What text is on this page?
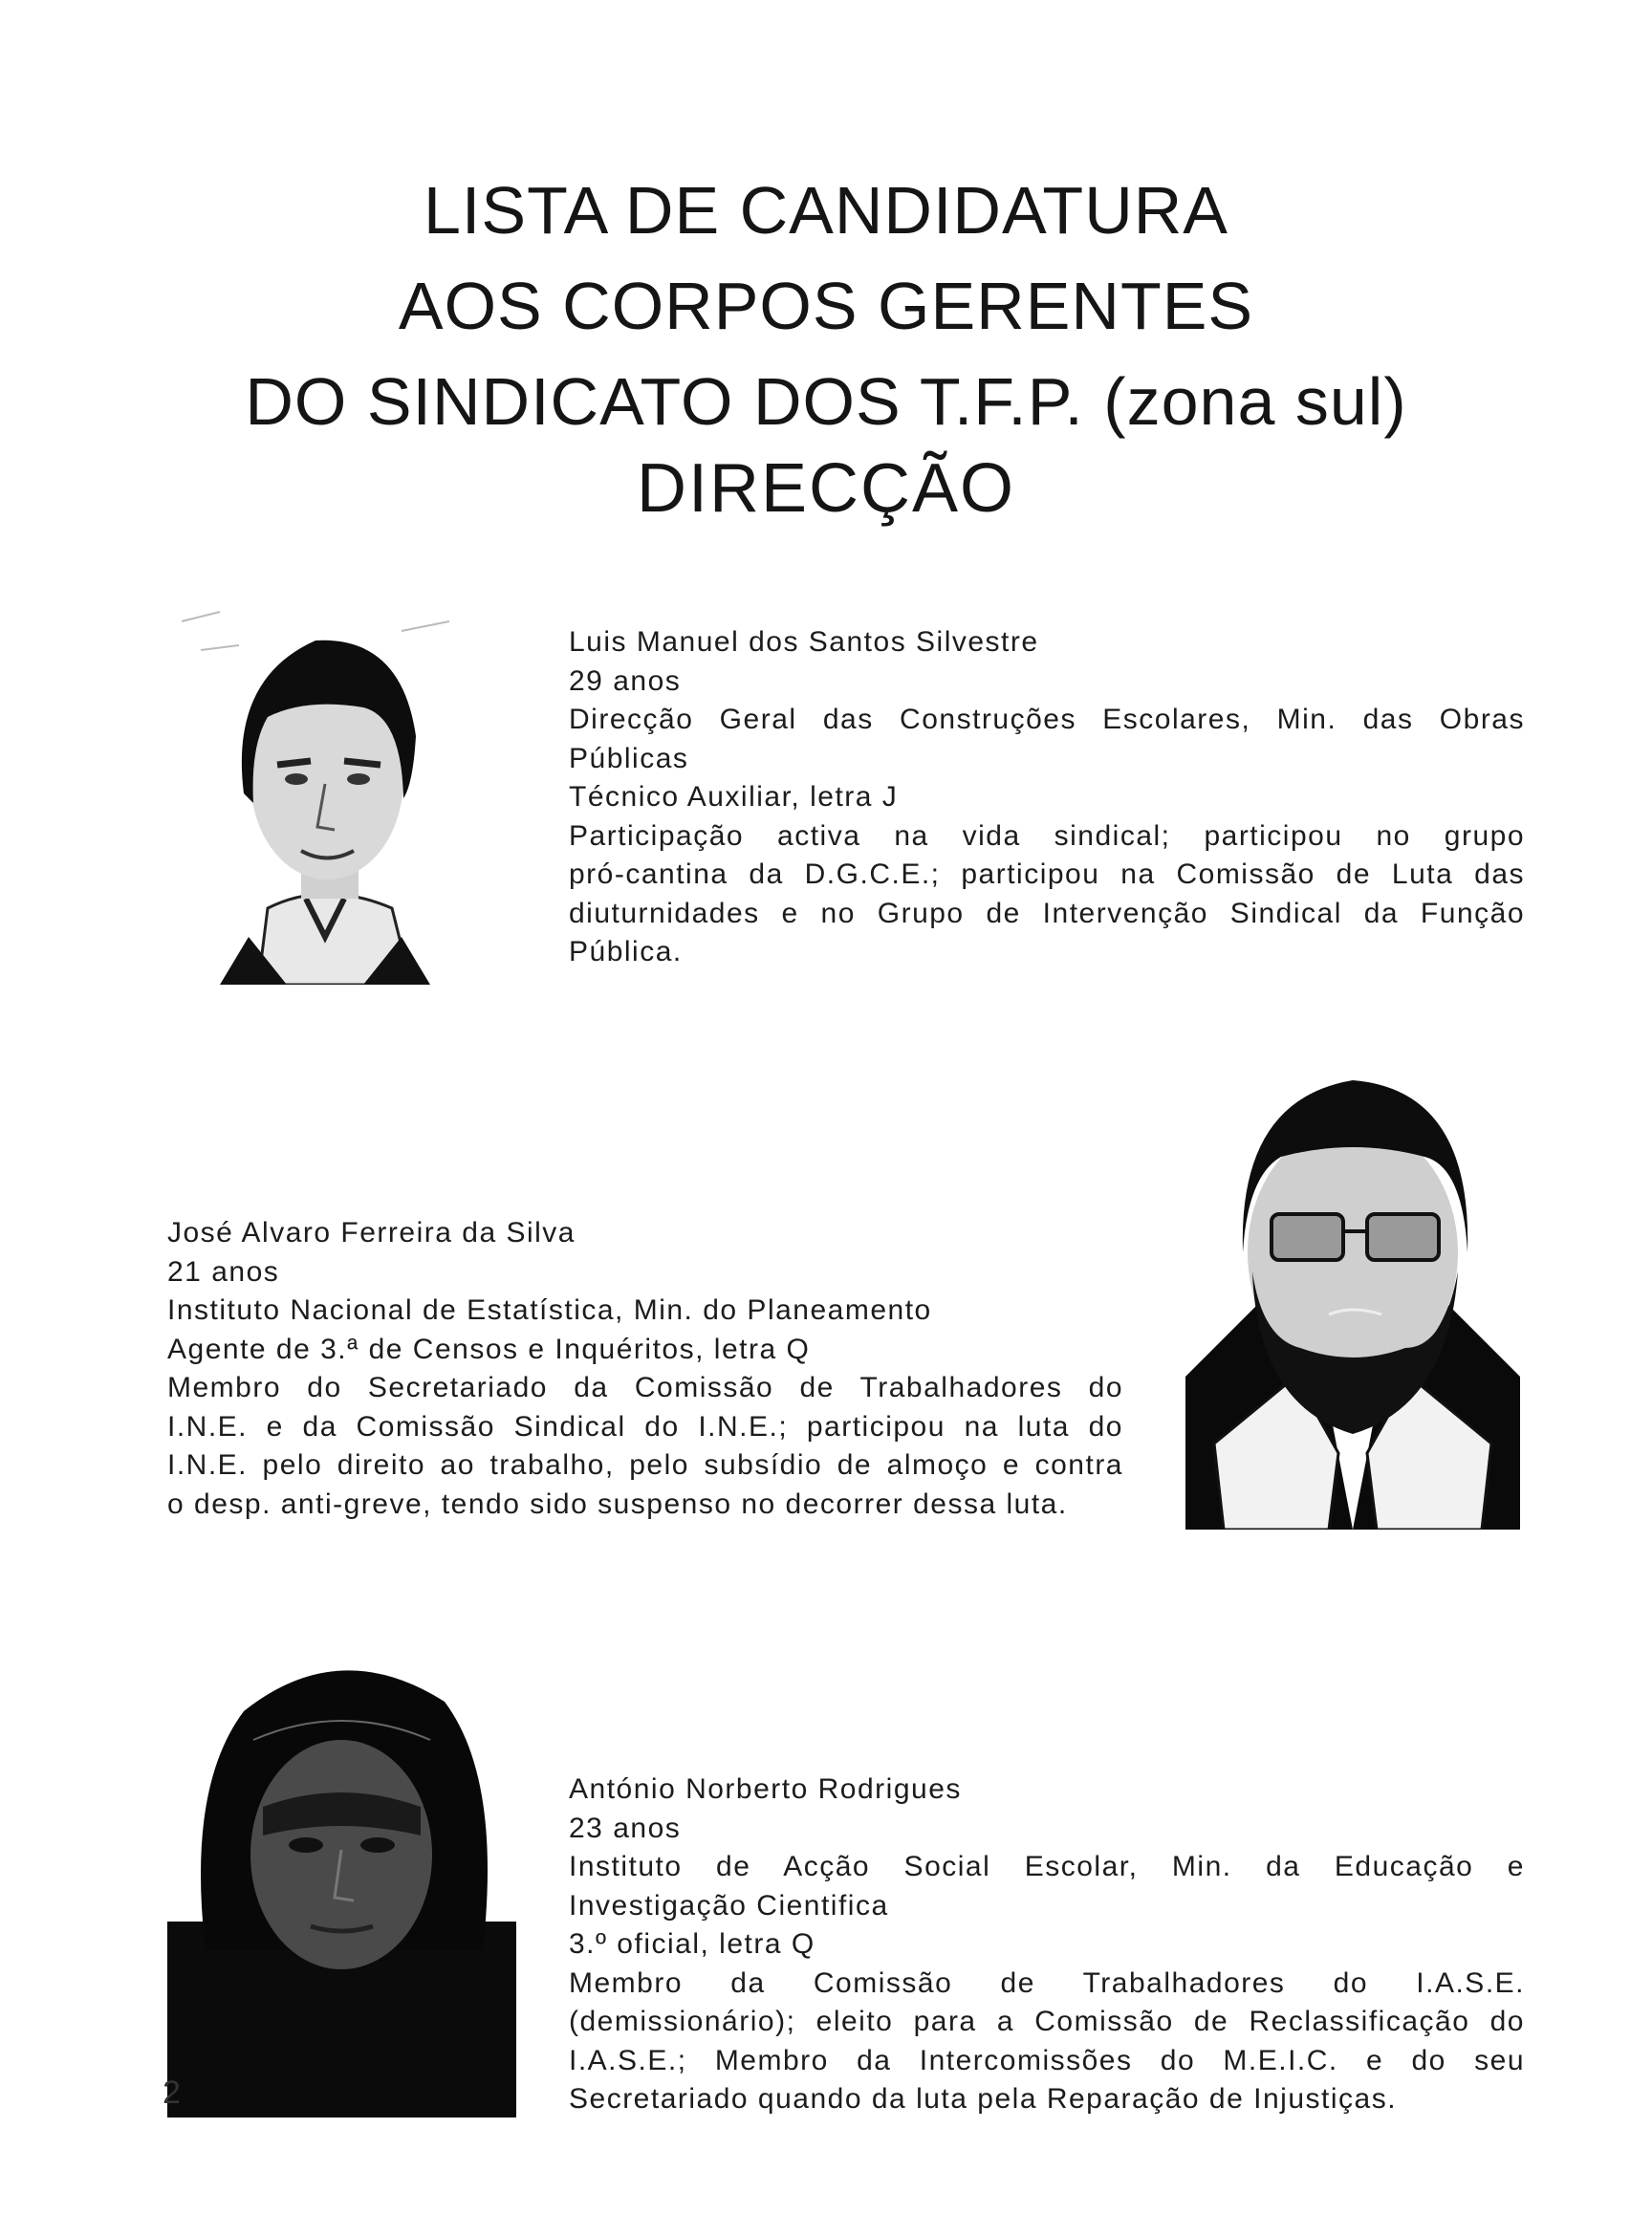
LISTA DE CANDIDATURA
AOS CORPOS GERENTES
DO SINDICATO DOS T.F.P. (zona sul)
DIRECÇÃO
Luis Manuel dos Santos Silvestre
29 anos
Direcção Geral das Construções Escolares, Min. das Obras
Públicas
Técnico Auxiliar, letra J
Participação activa na vida sindical; participou no grupo
pró-cantina da D.G.C.E.; participou na Comissão de Luta das
diuturnidades e no Grupo de Intervenção Sindical da Função
Pública.
José Alvaro Ferreira da Silva
21 anos
Instituto Nacional de Estatística, Min. do Planeamento
Agente de 3.ª de Censos e Inquéritos, letra Q
Membro do Secretariado da Comissão de Trabalhadores do
I.N.E. e da Comissão Sindical do I.N.E.; participou na luta do
I.N.E. pelo direito ao trabalho, pelo subsídio de almoço e contra
o desp. anti-greve, tendo sido suspenso no decorrer dessa luta.
António Norberto Rodrigues
23 anos
Instituto de Acção Social Escolar, Min. da Educação e
Investigação Cientifica
3.º oficial, letra Q
Membro da Comissão de Trabalhadores do I.A.S.E.
(demissionário); eleito para a Comissão de Reclassificação do
I.A.S.E.; Membro da Intercomissões do M.E.I.C. e do seu
Secretariado quando da luta pela Reparação de Injustiças.
2
